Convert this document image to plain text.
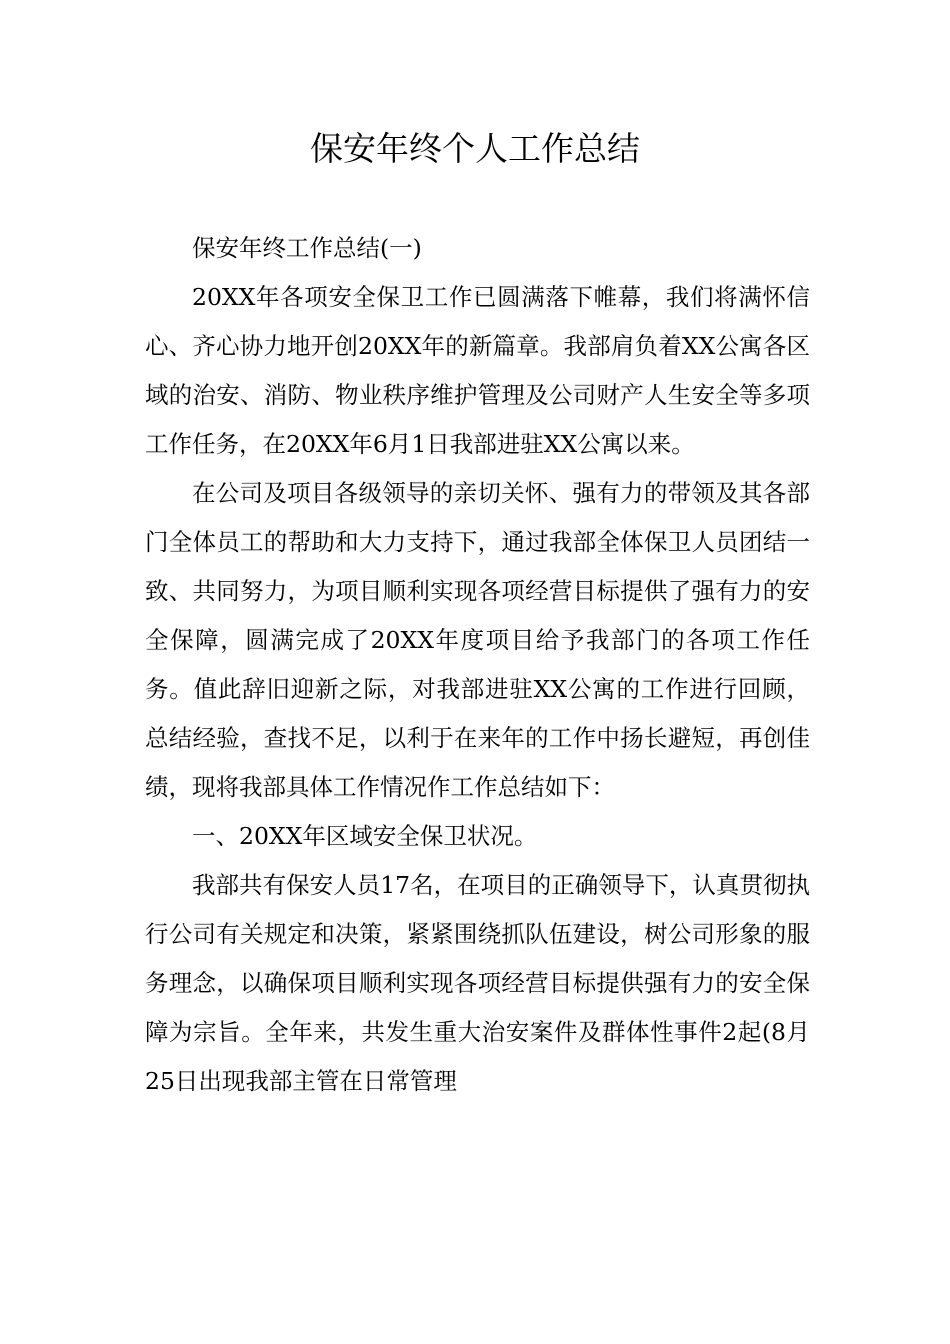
保安年终个人工作总结

保安年终工作总结(一)

20XX年各项安全保卫工作已圆满落下帷幕，我们将满怀信心、齐心协力地开创20XX年的新篇章。我部肩负着XX公寓各区域的治安、消防、物业秩序维护管理及公司财产人生安全等多项工作任务，在20XX年6月1日我部进驻XX公寓以来。

在公司及项目各级领导的亲切关怀、强有力的带领及其各部门全体员工的帮助和大力支持下，通过我部全体保卫人员团结一致、共同努力，为项目顺利实现各项经营目标提供了强有力的安全保障，圆满完成了20XX年度项目给予我部门的各项工作任务。值此辞旧迎新之际，对我部进驻XX公寓的工作进行回顾，总结经验，查找不足，以利于在来年的工作中扬长避短，再创佳绩，现将我部具体工作情况作工作总结如下：

一、20XX年区域安全保卫状况。

我部共有保安人员17名，在项目的正确领导下，认真贯彻执行公司有关规定和决策，紧紧围绕抓队伍建设，树公司形象的服务理念，以确保项目顺利实现各项经营目标提供强有力的安全保障为宗旨。全年来，共发生重大治安案件及群体性事件2起(8月25日出现我部主管在日常管理
